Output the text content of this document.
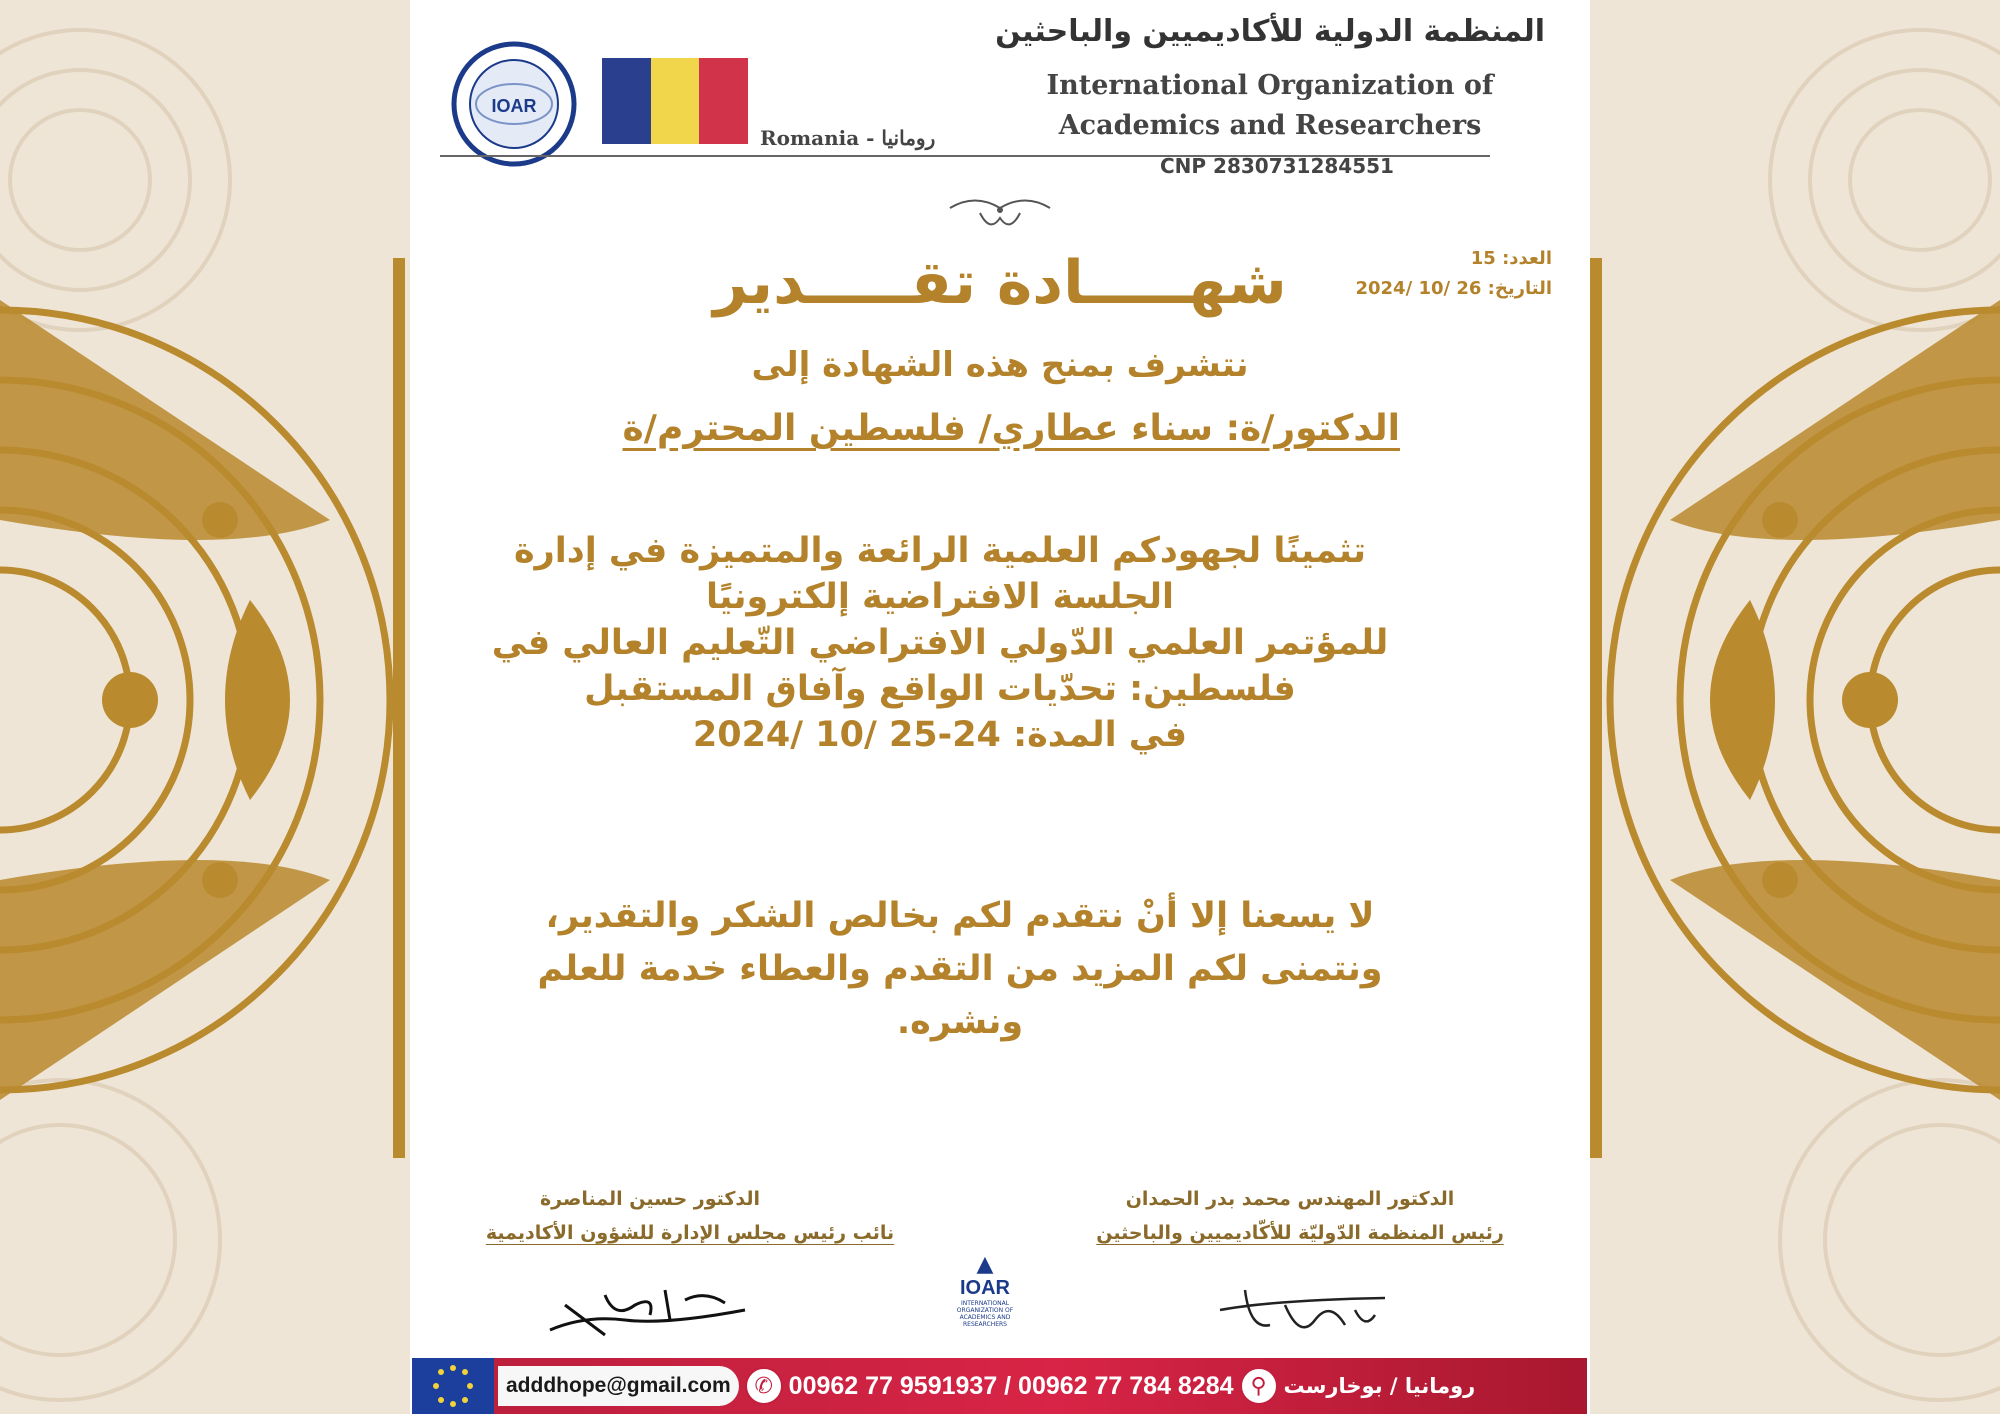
IOAR
Romania - رومانيا
المنظمة الدولية للأكاديميين والباحثين
International Organization of
Academics and Researchers
CNP 2830731284551
العدد: 15
التاريخ: 26 /10 /2024
شهـــــادة تقـــــدير
نتشرف بمنح هذه الشهادة إلى
الدكتور/ة: سناء عطاري/ فلسطين المحترم/ة
تثمينًا لجهودكم العلمية الرائعة والمتميزة في إدارة
الجلسة الافتراضية إلكترونيًا
للمؤتمر العلمي الدّولي الافتراضي التّعليم العالي في
فلسطين: تحدّيات الواقع وآفاق المستقبل
في المدة: 24-25 /10 /2024
لا يسعنا إلا أنْ نتقدم لكم بخالص الشكر والتقدير،
ونتمنى لكم المزيد من التقدم والعطاء خدمة للعلم
ونشره.
الدكتور المهندس محمد بدر الحمدان
رئيس المنظمة الدّوليّة للأكّاديميين والباحثين
الدكتور حسين المناصرة
نائب رئيس مجلس الإدارة للشؤون الأكاديمية
▲
IOAR
INTERNATIONAL ORGANIZATION OF ACADEMICS AND RESEARCHERS
adddhope@gmail.com	✆ 00962 77 9591937 / 00962 77 784 8284 ⚲ رومانيا / بوخارست
